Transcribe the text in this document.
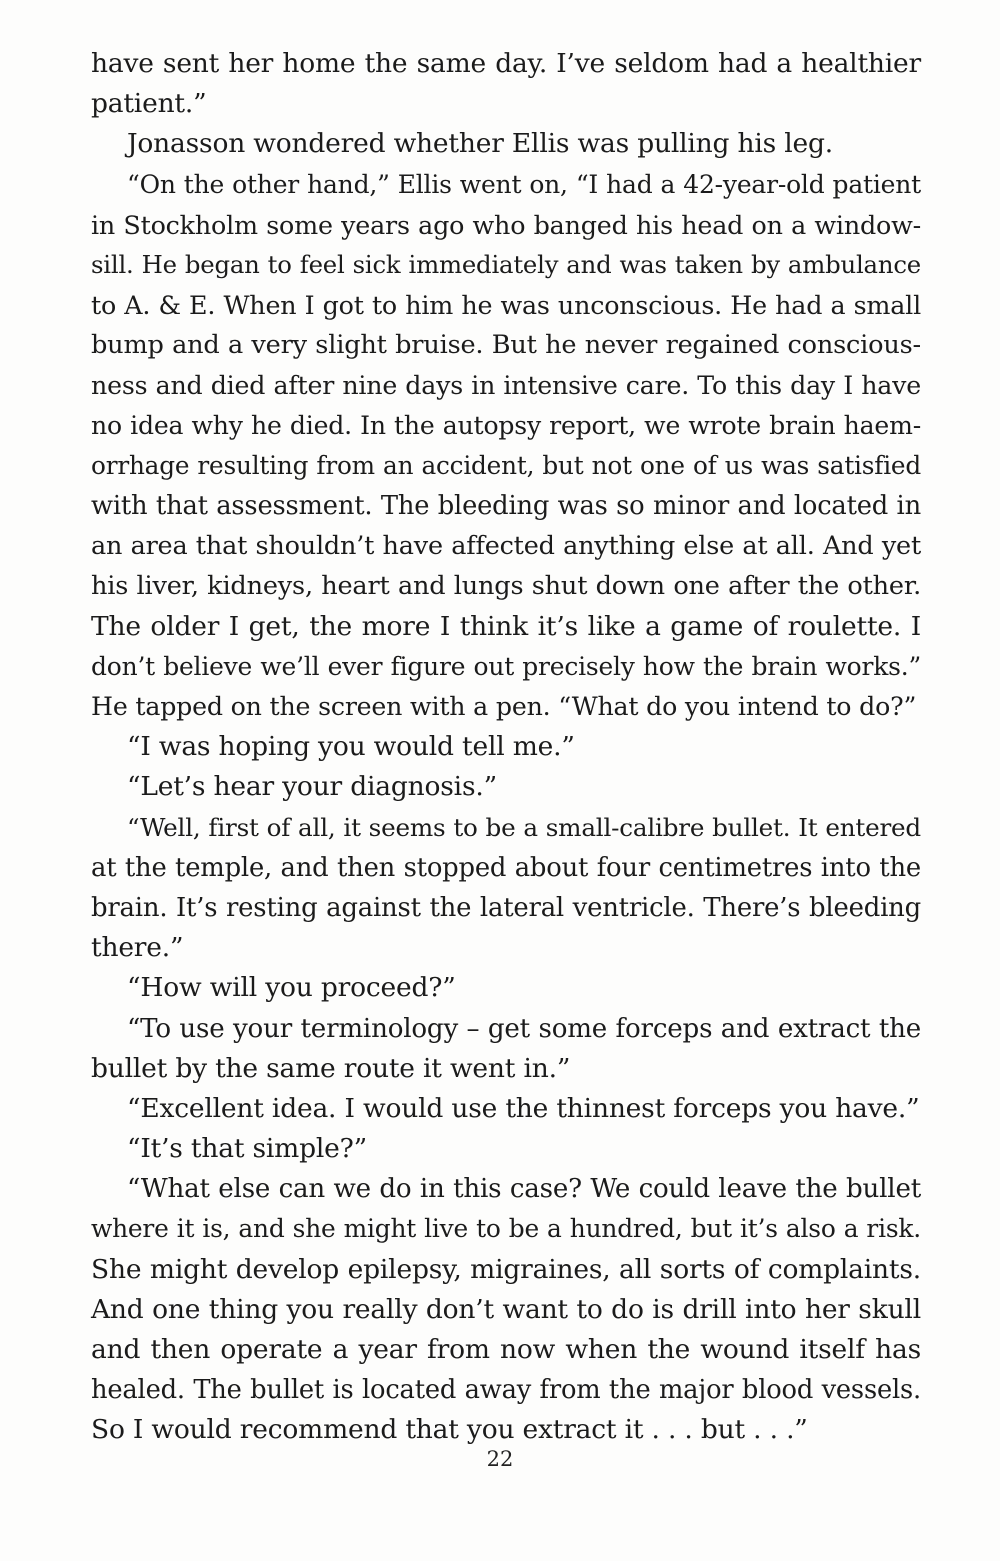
have sent her home the same day. I’ve seldom had a healthier
patient.”
Jonasson wondered whether Ellis was pulling his leg.
“On the other hand,” Ellis went on, “I had a 42-year-old patient
in Stockholm some years ago who banged his head on a window-
sill. He began to feel sick immediately and was taken by ambulance
to A. & E. When I got to him he was unconscious. He had a small
bump and a very slight bruise. But he never regained conscious-
ness and died after nine days in intensive care. To this day I have
no idea why he died. In the autopsy report, we wrote brain haem-
orrhage resulting from an accident, but not one of us was satisfied
with that assessment. The bleeding was so minor and located in
an area that shouldn’t have affected anything else at all. And yet
his liver, kidneys, heart and lungs shut down one after the other.
The older I get, the more I think it’s like a game of roulette. I
don’t believe we’ll ever figure out precisely how the brain works.”
He tapped on the screen with a pen. “What do you intend to do?”
“I was hoping you would tell me.”
“Let’s hear your diagnosis.”
“Well, first of all, it seems to be a small-calibre bullet. It entered
at the temple, and then stopped about four centimetres into the
brain. It’s resting against the lateral ventricle. There’s bleeding
there.”
“How will you proceed?”
“To use your terminology – get some forceps and extract the
bullet by the same route it went in.”
“Excellent idea. I would use the thinnest forceps you have.”
“It’s that simple?”
“What else can we do in this case? We could leave the bullet
where it is, and she might live to be a hundred, but it’s also a risk.
She might develop epilepsy, migraines, all sorts of complaints.
And one thing you really don’t want to do is drill into her skull
and then operate a year from now when the wound itself has
healed. The bullet is located away from the major blood vessels.
So I would recommend that you extract it . . . but . . .”
22
